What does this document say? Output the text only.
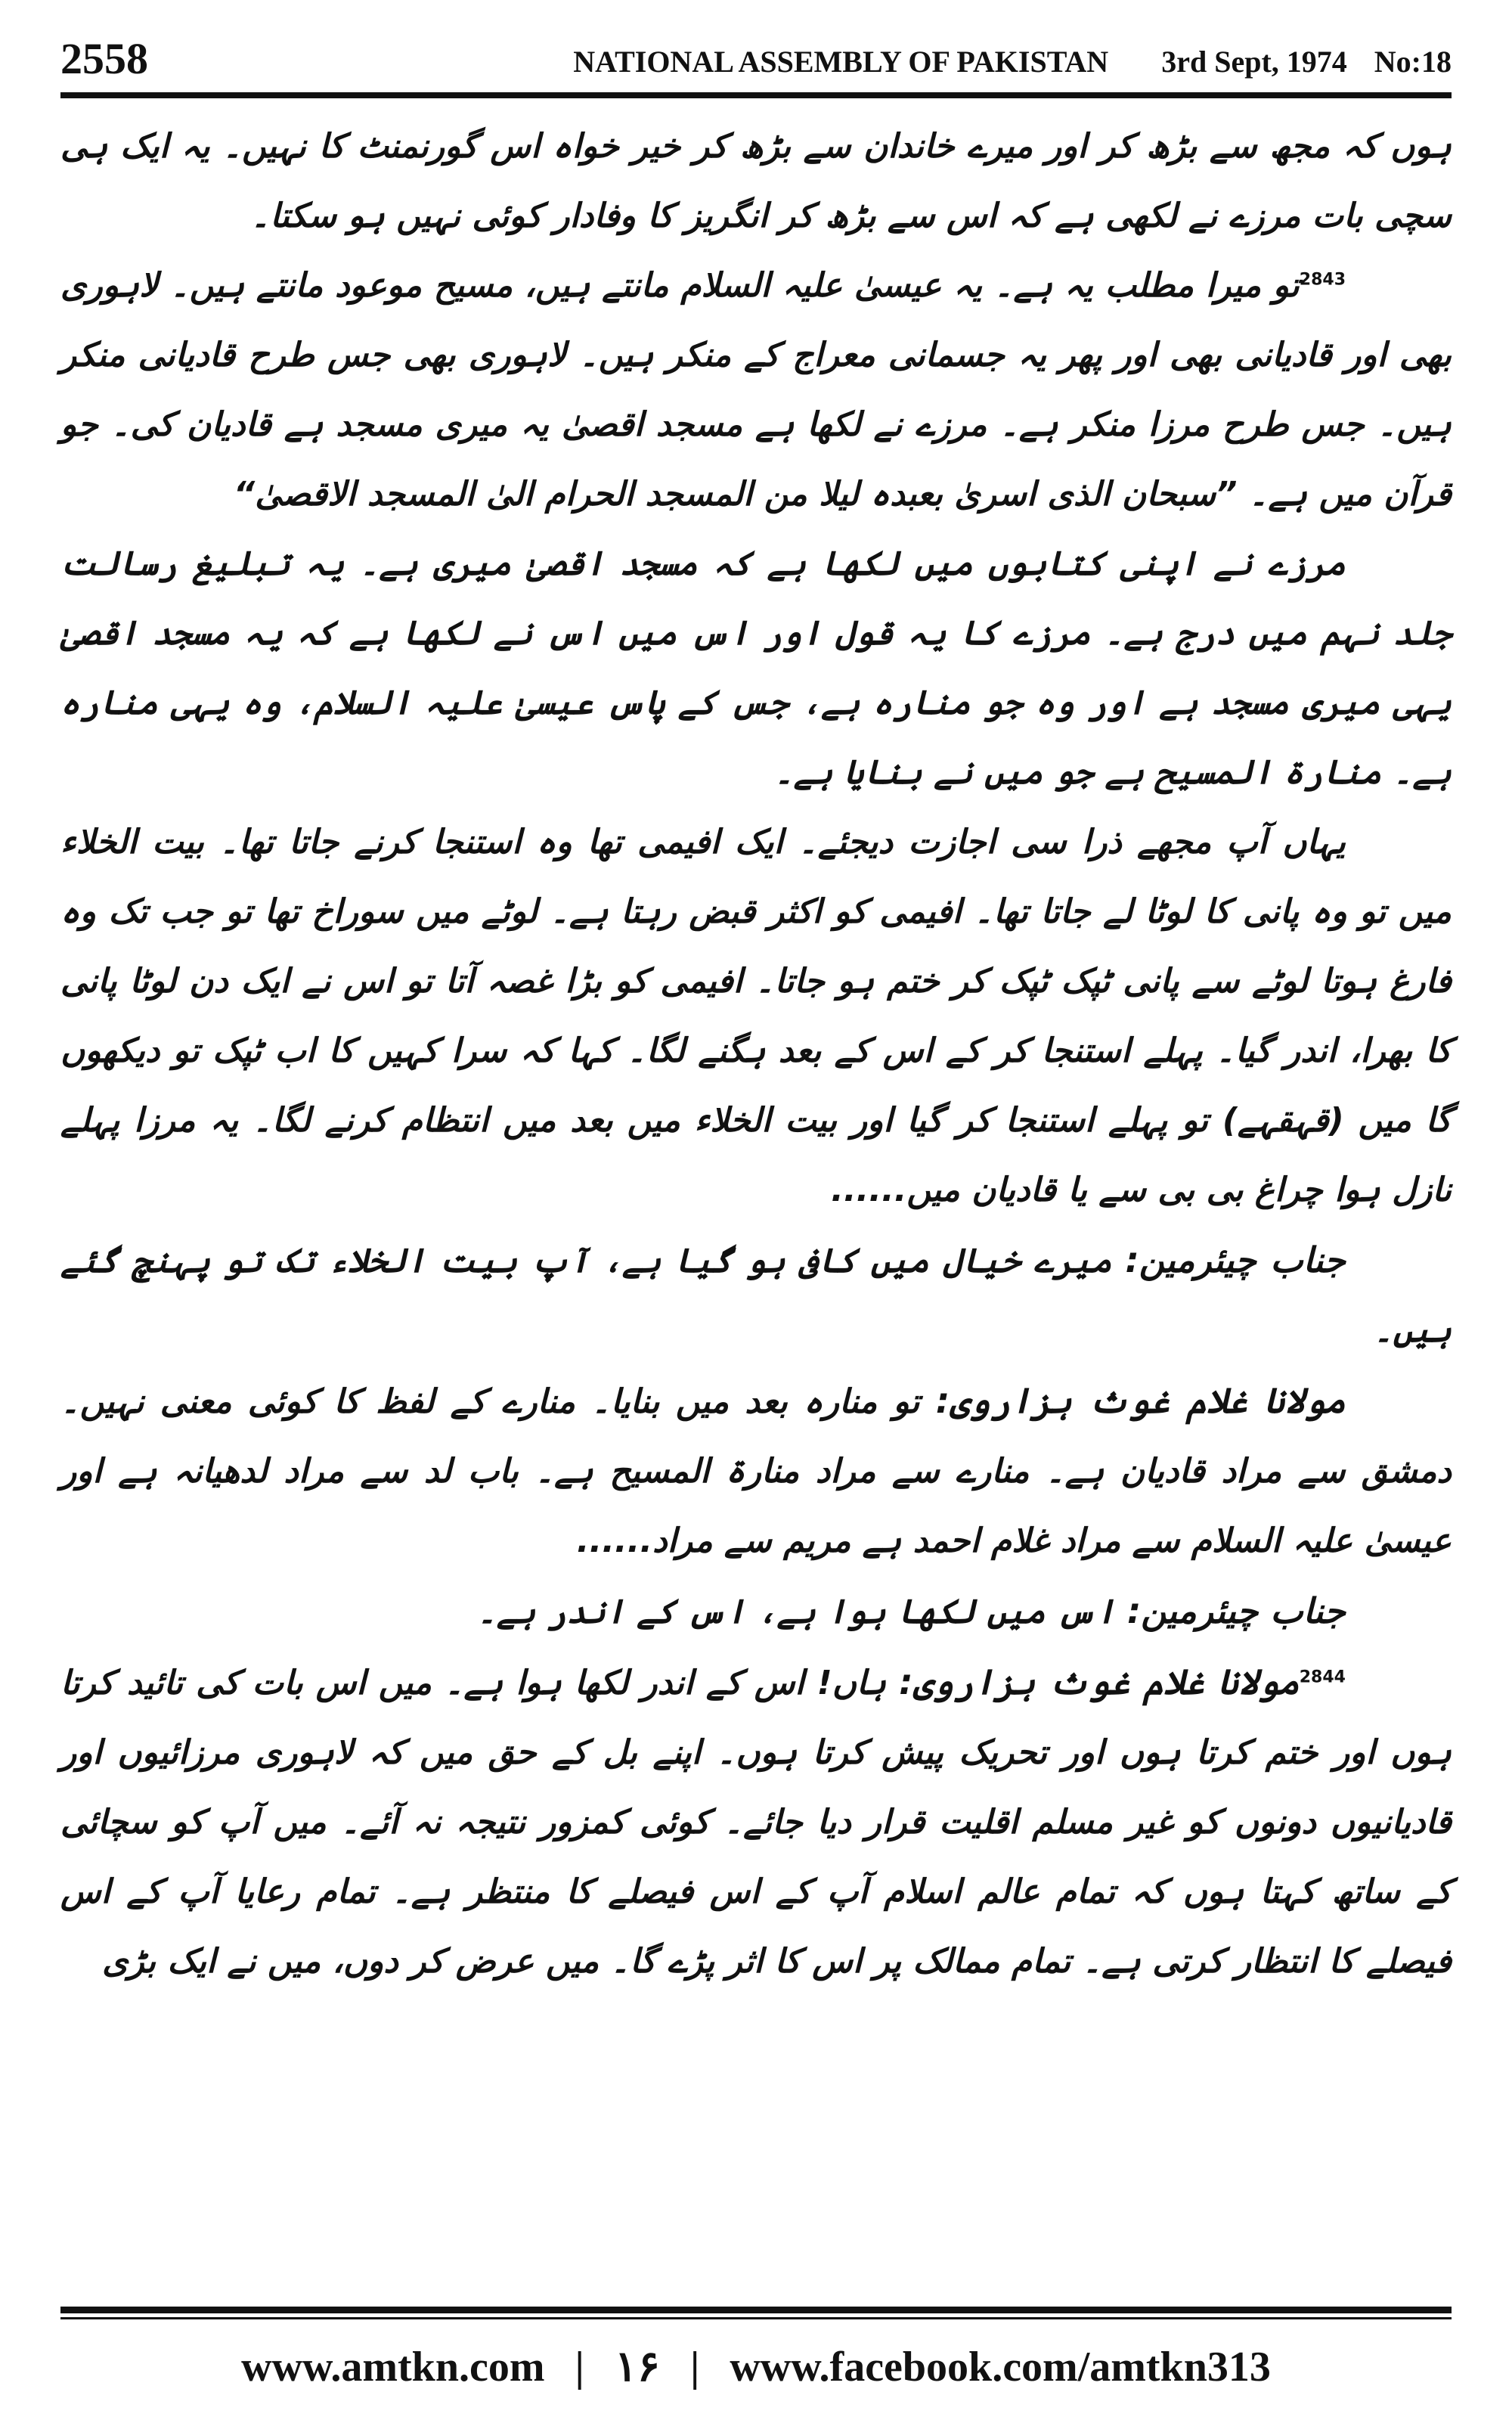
2558	NATIONAL ASSEMBLY OF PAKISTAN 3rd Sept, 1974 No:18

ہوں کہ مجھ سے بڑھ کر اور میرے خاندان سے بڑھ کر خیر خواہ اس گورنمنٹ کا نہیں۔ یہ ایک ہی سچی بات مرزے نے لکھی ہے کہ اس سے بڑھ کر انگریز کا وفادار کوئی نہیں ہو سکتا۔

$^{2843}$تو میرا مطلب یہ ہے۔ یہ عیسیٰ علیہ السلام مانتے ہیں، مسیح موعود مانتے ہیں۔ لاہوری بھی اور قادیانی بھی اور پھر یہ جسمانی معراج کے منکر ہیں۔ لاہوری بھی جس طرح قادیانی منکر ہیں۔ جس طرح مرزا منکر ہے۔ مرزے نے لکھا ہے مسجد اقصیٰ یہ میری مسجد ہے قادیان کی۔ جو قرآن میں ہے۔ ”سبحان الذی اسریٰ بعبدہ لیلا من المسجد الحرام الیٰ المسجد الاقصیٰ“

مرزے نے اپنی کتابوں میں لکھا ہے کہ مسجد اقصیٰ میری ہے۔ یہ تبلیغ رسالت جلد نہم میں درج ہے۔ مرزے کا یہ قول اور اس میں اس نے لکھا ہے کہ یہ مسجد اقصیٰ یہی میری مسجد ہے اور وہ جو منارہ ہے، جس کے پاس عیسیٰ علیہ السلام، وہ یہی منارہ ہے۔ منارۃ المسیح ہے جو میں نے بنایا ہے۔

یہاں آپ مجھے ذرا سی اجازت دیجئے۔ ایک افیمی تھا وہ استنجا کرنے جاتا تھا۔ بیت الخلاء میں تو وہ پانی کا لوٹا لے جاتا تھا۔ افیمی کو اکثر قبض رہتا ہے۔ لوٹے میں سوراخ تھا تو جب تک وہ فارغ ہوتا لوٹے سے پانی ٹپک ٹپک کر ختم ہو جاتا۔ افیمی کو بڑا غصہ آتا تو اس نے ایک دن لوٹا پانی کا بھرا، اندر گیا۔ پہلے استنجا کر کے اس کے بعد ہگنے لگا۔ کہا کہ سرا کہیں کا اب ٹپک تو دیکھوں گا میں (قہقہے) تو پہلے استنجا کر گیا اور بیت الخلاء میں بعد میں انتظام کرنے لگا۔ یہ مرزا پہلے نازل ہوا چراغ بی بی سے یا قادیان میں......

جناب چیئرمین: میرے خیال میں کافی ہو گیا ہے، آپ بیت الخلاء تک تو پہنچ گئے ہیں۔

مولانا غلام غوث ہزاروی: تو منارہ بعد میں بنایا۔ منارے کے لفظ کا کوئی معنی نہیں۔ دمشق سے مراد قادیان ہے۔ منارے سے مراد منارۃ المسیح ہے۔ باب لد سے مراد لدھیانہ ہے اور عیسیٰ علیہ السلام سے مراد غلام احمد ہے مریم سے مراد......

جناب چیئرمین: اس میں لکھا ہوا ہے، اس کے اندر ہے۔

$^{2844}$مولانا غلام غوث ہزاروی: ہاں! اس کے اندر لکھا ہوا ہے۔ میں اس بات کی تائید کرتا ہوں اور ختم کرتا ہوں اور تحریک پیش کرتا ہوں۔ اپنے بل کے حق میں کہ لاہوری مرزائیوں اور قادیانیوں دونوں کو غیر مسلم اقلیت قرار دیا جائے۔ کوئی کمزور نتیجہ نہ آئے۔ میں آپ کو سچائی کے ساتھ کہتا ہوں کہ تمام عالم اسلام آپ کے اس فیصلے کا منتظر ہے۔ تمام رعایا آپ کے اس فیصلے کا انتظار کرتی ہے۔ تمام ممالک پر اس کا اثر پڑے گا۔ میں عرض کر دوں، میں نے ایک بڑی

www.amtkn.com | ۱۶ | www.facebook.com/amtkn313
